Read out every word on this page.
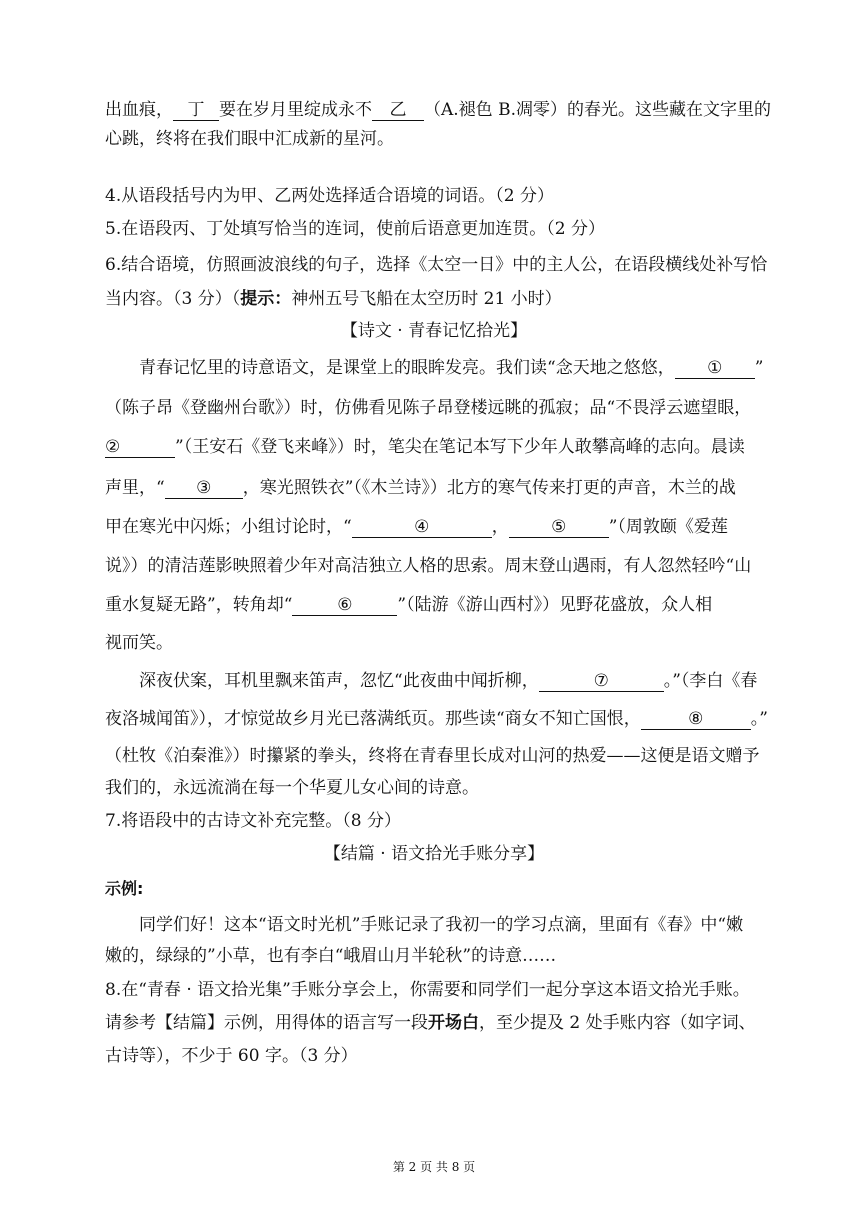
出血痕， 丁 要在岁月里绽成永不 乙 （A.褪色 B.凋零）的春光。这些藏在文字里的
心跳，终将在我们眼中汇成新的星河。
4.从语段括号内为甲、乙两处选择适合语境的词语。（2 分）
5.在语段丙、丁处填写恰当的连词，使前后语意更加连贯。（2 分）
6.结合语境，仿照画波浪线的句子，选择《太空一日》中的主人公，在语段横线处补写恰
当内容。（3 分）（提示：神州五号飞船在太空历时 21 小时）
【诗文 · 青春记忆拾光】
青春记忆里的诗意语文，是课堂上的眼眸发亮。我们读“念天地之悠悠， ① ”
（陈子昂《登幽州台歌》）时，仿佛看见陈子昂登楼远眺的孤寂；品“不畏浮云遮望眼，
②	”（王安石《登飞来峰》）时，笔尖在笔记本写下少年人敢攀高峰的志向。晨读
声里，“ ③ ，寒光照铁衣”（《木兰诗》）北方的寒气传来打更的声音，木兰的战
甲在寒光中闪烁；小组讨论时，“	④	， ⑤ ”（周敦颐《爱莲
说》）的清洁莲影映照着少年对高洁独立人格的思索。周末登山遇雨，有人忽然轻吟“山
重水复疑无路”，转角却“	⑥	”（陆游《游山西村》）见野花盛放，众人相
视而笑。
深夜伏案，耳机里飘来笛声，忽忆“此夜曲中闻折柳，	⑦	。”（李白《春
夜洛城闻笛》），才惊觉故乡月光已落满纸页。那些读“商女不知亡国恨，	⑧	。”
（杜牧《泊秦淮》）时攥紧的拳头，终将在青春里长成对山河的热爱——这便是语文赠予
我们的，永远流淌在每一个华夏儿女心间的诗意。
7.将语段中的古诗文补充完整。（8 分）
【结篇 · 语文拾光手账分享】
示例:
同学们好！这本“语文时光机”手账记录了我初一的学习点滴，里面有《春》中“嫩
嫩的，绿绿的”小草，也有李白“峨眉山月半轮秋”的诗意……
8.在“青春 · 语文拾光集”手账分享会上，你需要和同学们一起分享这本语文拾光手账。
请参考【结篇】示例，用得体的语言写一段开场白，至少提及 2 处手账内容（如字词、
古诗等），不少于 60 字。（3 分）
第 2 页 共 8 页
